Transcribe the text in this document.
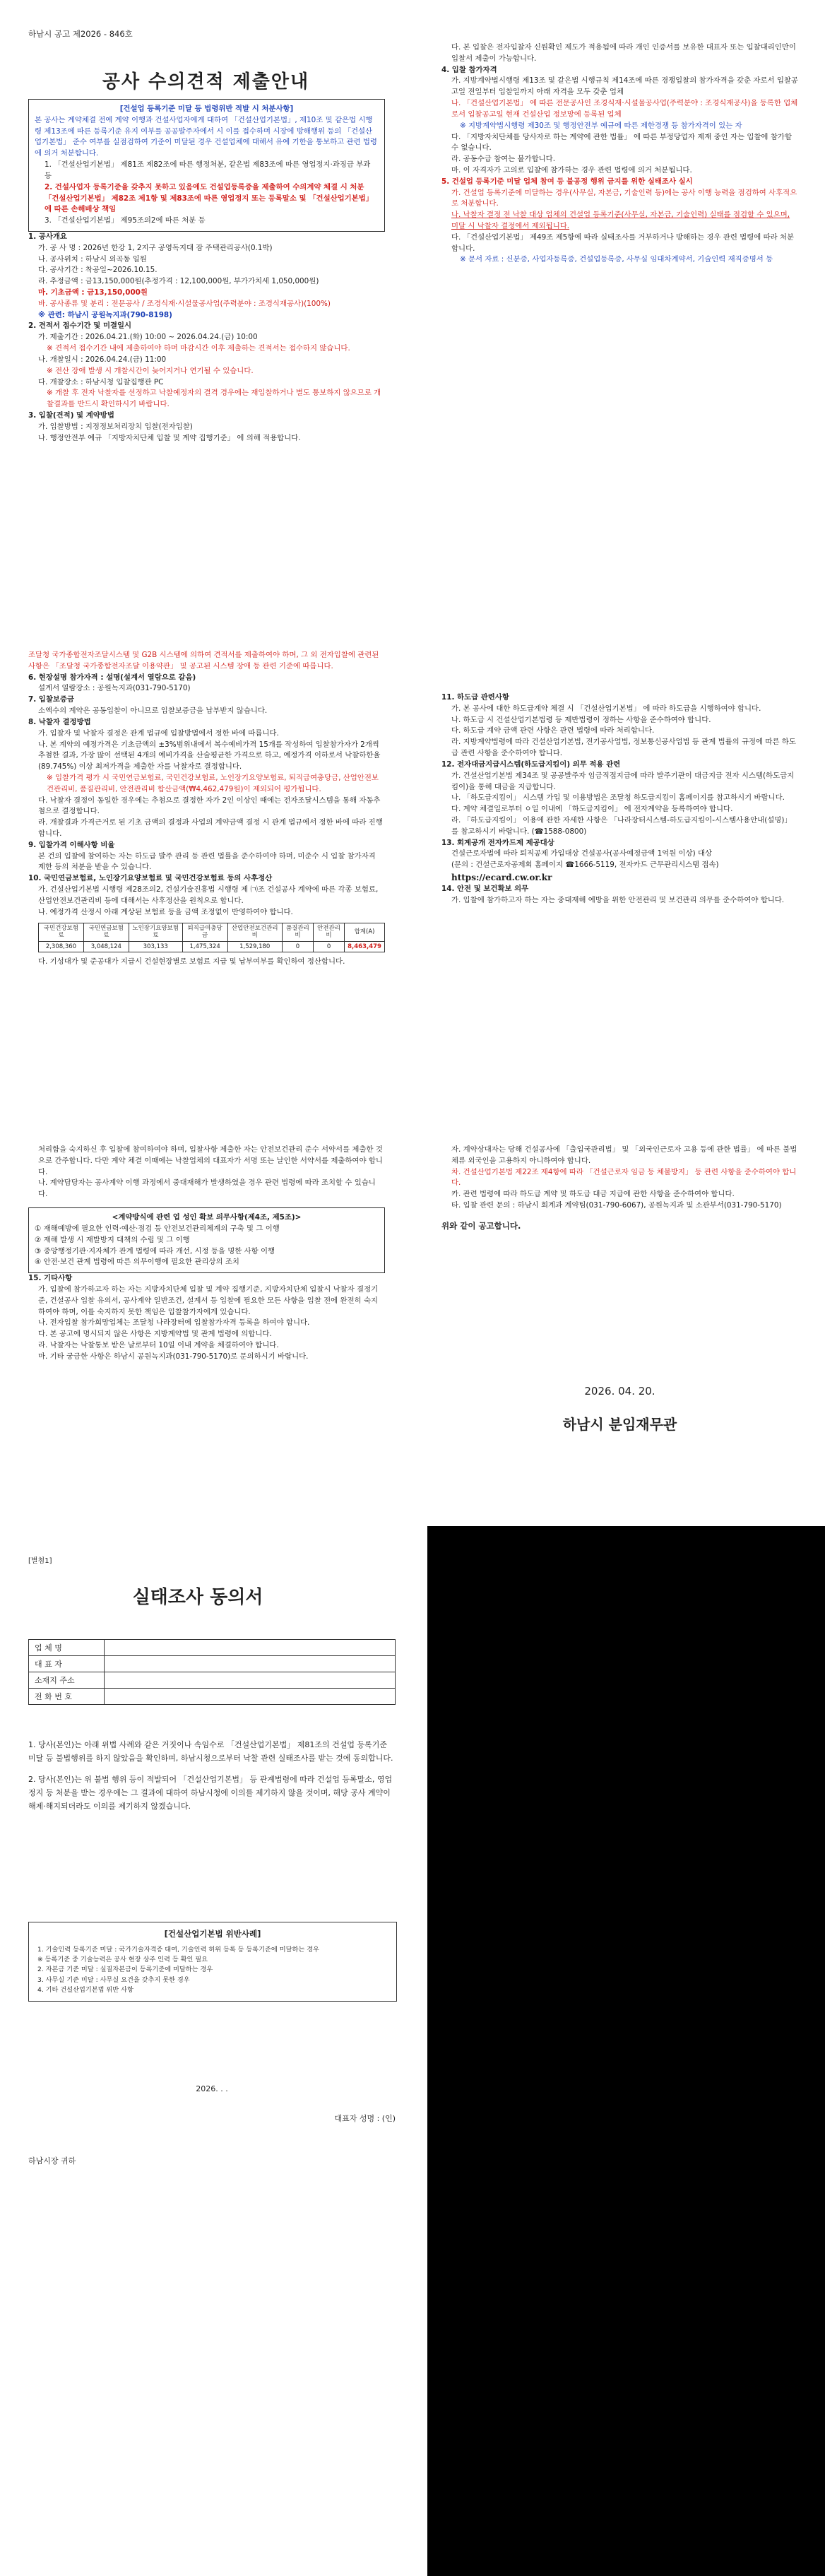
하남시 공고 제2026 - 846호
공사 수의견적 제출안내
[건설업 등록기준 미달 등 법령위반 적발 시 처분사항]
본 공사는 계약체결 전에 계약 이행과 건설사업자에게 대하여 「건설산업기본법」, 제10조 및 같은법 시행령 제13조에 따른 등록기준 유지 여부를 공공발주자에서 시 이를 접수하며 시장에 방해행위 등의 「건설산업기본법」 준수 여부를 실점검하여 기준이 미달된 경우 건설업체에 대해서 유예 기한을 통보하고 관련 법령에 의거 처분합니다.
1. 「건설산업기본법」 제81조 제82조에 따른 행정처분, 같은법 제83조에 따른 영업정지·과징금 부과 등
2. 건설사업자 등록기준을 갖추지 못하고 있음에도 건설업등록증을 제출하여 수의계약 체결 시 처분 「건설산업기본법」 제82조 제1항 및 제83조에 따른 영업정지 또는 등록말소 및 「건설산업기본법」 에 따른 손해배상 책임
3. 「건설산업기본법」 제95조의2에 따른 처분 등
1. 공사개요
가. 공 사 명 : 2026년 한강 1, 2지구 공영독지대 잠 주택관리공사(0.1박)
나. 공사위치 : 하남시 외곡동 일원
다. 공사기간 : 착공일~2026.10.15.
라. 추정금액 : 금13,150,000원(추정가격 : 12,100,000원, 부가가치세 1,050,000원)
마. 기초금액 : 금13,150,000원
바. 공사종류 및 분리 : 전문공사 / 조경식재·시설물공사업(주력분야 : 조경식재공사)(100%)
※ 관련: 하남시 공원녹지과(790-8198)
2. 견적서 접수기간 및 미결일시
가. 제출기간 : 2026.04.21.(화) 10:00 ~ 2026.04.24.(금) 10:00
※ 견적서 접수기간 내에 제출하여야 하며 마감시간 이후 제출하는 견적서는 접수하지 않습니다.
나. 개찰일시 : 2026.04.24.(금) 11:00
※ 전산 장애 발생 시 개찰시간이 늦어지거나 연기될 수 있습니다.
다. 개찰장소 : 하남시청 입찰집행관 PC
※ 개찰 후 전자 낙찰자를 선정하고 낙찰예정자의 결격 경우에는 재입찰하거나 별도 통보하지 않으므로 개찰결과를 반드시 확인하시기 바랍니다.
3. 입찰(견적) 및 계약방법
가. 입찰방법 : 지정정보처리장치 입찰(전자입찰)
나. 행정안전부 예규 「지방자치단체 입찰 및 계약 집행기준」 에 의해 적용합니다.
조달청 국가종합전자조달시스템 및 G2B 시스템에 의하여 견적서를 제출하여야 하며, 그 외 전자입찰에 관련된 사항은 「조달청 국가종합전자조달 이용약관」 및 공고된 시스템 장애 등 관련 기준에 따릅니다.
6. 현장설명 참가자격 : 설명(설계서 열람으로 갈음)
설계서 열람장소 : 공원녹지과(031-790-5170)
7. 입찰보증금
소액수의 계약은 공동입찰이 아니므로 입찰보증금을 납부받지 않습니다.
8. 낙찰자 결정방법
가. 입찰자 및 낙찰자 결정은 관계 법규에 입찰방법에서 정한 바에 따릅니다.
나. 본 계약의 예정가격은 기초금액의 ±3%범위내에서 복수예비가격 15개를 작성하여 입찰참가자가 2개씩 추첨한 결과, 가장 많이 선택된 4개의 예비가격을 산술평균한 가격으로 하고, 예정가격 이하로서 낙찰하한율(89.745%) 이상 최저가격을 제출한 자를 낙찰자로 결정합니다.
※ 입찰가격 평가 시 국민연금보험료, 국민건강보험료, 노인장기요양보험료, 퇴직급여충당금, 산업안전보건관리비, 품질관리비, 안전관리비 합산금액(₩4,462,479원)이 제외되어 평가됩니다.
다. 낙찰자 결정이 동일한 경우에는 추첨으로 결정한 자가 2인 이상인 때에는 전자조달시스템을 통해 자동추첨으로 결정합니다.
라. 개찰결과 가격근거로 된 기초 금액의 결정과 사업의 계약금액 결정 시 관계 법규에서 정한 바에 따라 진행합니다.
9. 입찰가격 이해사항 비율
본 건의 입찰에 참여하는 자는 하도급 발주 관리 등 관련 법률을 준수하여야 하며, 미준수 시 입찰 참가자격 제한 등의 처분을 받을 수 있습니다.
10. 국민연금보험료, 노인장기요양보험료 및 국민건강보험료 등의 사후정산
가. 건설산업기본법 시행령 제28조의2, 건설기술진흥법 시행령 제 ㈀조 건설공사 계약에 따른 각종 보험료, 산업안전보건관리비 등에 대해서는 사후정산을 원칙으로 합니다.
나. 예정가격 산정시 아래 계상된 보험료 등을 금액 조정없이 반영하여야 합니다.
국민건강보험료	국민연금보험료	노인장기요양보험료	퇴직급여충당금	산업안전보건관리비	품질관리비	안전관리비	합계(A)
2,308,360	3,048,124	303,133	1,475,324	1,529,180	0	0	8,463,479
다. 기성대가 및 준공대가 지급시 건설현장별로 보험료 지급 및 납부여부를 확인하여 정산합니다.
다. 본 입찰은 전자입찰자 신원확인 제도가 적용됨에 따라 개인 인증서를 보유한 대표자 또는 입찰대리인만이 입찰서 제출이 가능합니다.
4. 입찰 참가자격
가. 지방계약법시행령 제13조 및 같은법 시행규칙 제14조에 따른 경쟁입찰의 참가자격을 갖춘 자로서 입찰공고일 전일부터 입찰일까지 아래 자격을 모두 갖춘 업체
나. 「건설산업기본법」 에 따른 전문공사인 조경식재·시설물공사업(주력분야 : 조경식재공사)을 등록한 업체로서 입찰공고일 현재 건설산업 정보망에 등록된 업체
※ 지방계약법시행령 제30조 및 행정안전부 예규에 따른 제한경쟁 등 참가자격이 있는 자
다. 「지방자치단체를 당사자로 하는 계약에 관한 법률」 에 따른 부정당업자 제재 중인 자는 입찰에 참가할 수 없습니다.
라. 공동수급 참여는 불가합니다.
마. 이 자격자가 고의로 입찰에 참가하는 경우 관련 법령에 의거 처분됩니다.
5. 건설업 등록기준 미달 업체 참여 등 불공정 행위 금지를 위한 실태조사 실시
가. 건설업 등록기준에 미달하는 경우(사무실, 자본금, 기술인력 등)에는 공사 이행 능력을 점검하여 사후적으로 처분합니다.
나. 낙찰자 결정 전 낙찰 대상 업체의 건설업 등록기준(사무실, 자본금, 기술인력) 실태를 점검할 수 있으며, 미달 시 낙찰자 결정에서 제외됩니다.
다. 「건설산업기본법」 제49조 제5항에 따라 실태조사를 거부하거나 방해하는 경우 관련 법령에 따라 처분합니다.
※ 문서 자료 : 신분증, 사업자등록증, 건설업등록증, 사무실 임대차계약서, 기술인력 재직증명서 등
11. 하도급 관련사항
가. 본 공사에 대한 하도급계약 체결 시 「건설산업기본법」 에 따라 하도급을 시행하여야 합니다.
나. 하도급 시 건설산업기본법령 등 제반법령이 정하는 사항을 준수하여야 합니다.
다. 하도급 계약 금액 관련 사항은 관련 법령에 따라 처리합니다.
라. 지방계약법령에 따라 건설산업기본법, 전기공사업법, 정보통신공사업법 등 관계 법률의 규정에 따른 하도급 관련 사항을 준수하여야 합니다.
12. 전자대금지급시스템(하도급지킴이) 의무 적용 관련
가. 건설산업기본법 제34조 및 공공발주자 임금직접지급에 따라 발주기관이 대금지급 전자 시스템(하도급지킴이)을 통해 대금을 지급합니다.
나. 「하도급지킴이」 시스템 가입 및 이용방법은 조달청 하도급지킴이 홈페이지를 참고하시기 바랍니다.
다. 계약 체결일로부터 ㅇ일 이내에 「하도급지킴이」 에 전자계약을 등록하여야 합니다.
라. 「하도급지킴이」 이용에 관한 자세한 사항은 「나라장터시스템-하도급지킴이-시스템사용안내(설명)」 를 참고하시기 바랍니다. (☎1588-0800)
13. 회계공개 전자카드제 제공대상
건설근로자법에 따라 퇴직공제 가입대상 건설공사(공사예정금액 1억원 이상) 대상
(문의 : 건설근로자공제회 홈페이지 ☎1666-5119, 전자카드 근무관리시스템 접속)
https://ecard.cw.or.kr
14. 안전 및 보건확보 의무
가. 입찰에 참가하고자 하는 자는 중대재해 예방을 위한 안전관리 및 보건관리 의무를 준수하여야 합니다.
처리함을 숙지하신 후 입찰에 참여하여야 하며, 입찰사항 제출한 자는 안전보건관리 준수 서약서를 제출한 것으로 간주합니다. 다만 계약 체결 이때에는 낙찰업체의 대표자가 서명 또는 날인한 서약서를 제출하여야 합니다.
나. 계약담당자는 공사계약 이행 과정에서 중대재해가 발생하였을 경우 관련 법령에 따라 조치할 수 있습니다.
<계약방식에 관련 업 성인 확보 의무사항(제4조, 제5조)>
① 재해예방에 필요한 인력·예산·점검 등 안전보건관리체계의 구축 및 그 이행
② 재해 발생 시 재발방지 대책의 수립 및 그 이행
③ 중앙행정기관·지자체가 관계 법령에 따라 개선, 시정 등을 명한 사항 이행
④ 안전·보건 관계 법령에 따른 의무이행에 필요한 관리상의 조치
15. 기타사항
가. 입찰에 참가하고자 하는 자는 지방자치단체 입찰 및 계약 집행기준, 지방자치단체 입찰시 낙찰자 결정기준, 건설공사 입찰 유의서, 공사계약 일반조건, 설계서 등 입찰에 필요한 모든 사항을 입찰 전에 완전히 숙지하여야 하며, 이를 숙지하지 못한 책임은 입찰참가자에게 있습니다.
나. 전자입찰 참가희망업체는 조달청 나라장터에 입찰참가자격 등록을 하여야 합니다.
다. 본 공고에 명시되지 않은 사항은 지방계약법 및 관계 법령에 의합니다.
라. 낙찰자는 낙찰통보 받은 날로부터 10일 이내 계약을 체결하여야 합니다.
마. 기타 궁금한 사항은 하남시 공원녹지과(031-790-5170)로 문의하시기 바랍니다.
자. 계약상대자는 당해 건설공사에 「출입국관리법」 및 「외국인근로자 고용 등에 관한 법률」 에 따른 불법체류 외국인을 고용하지 아니하여야 합니다.
차. 건설산업기본법 제22조 제4항에 따라 「건설근로자 임금 등 체불방지」 등 관련 사항을 준수하여야 합니다.
카. 관련 법령에 따라 하도급 계약 및 하도급 대금 지급에 관한 사항을 준수하여야 합니다.
타. 입찰 관련 문의 : 하남시 회계과 계약팀(031-790-6067), 공원녹지과 및 소관부서(031-790-5170)
위와 같이 공고합니다.
2026. 04. 20.
하남시 분임재무관
[별첨1]
실태조사 동의서
업 체 명	
대 표 자	
소재지 주소	
전 화 번 호	

1. 당사(본인)는 아래 위법 사례와 같은 거짓이나 속임수로 「건설산업기본법」 제81조의 건설업 등록기준 미달 등 불법행위를 하지 않았음을 확인하며, 하남시청으로부터 낙찰 관련 실태조사를 받는 것에 동의합니다.

2. 당사(본인)는 위 불법 행위 등이 적발되어 「건설산업기본법」 등 관계법령에 따라 건설업 등록말소, 영업정지 등 처분을 받는 경우에는 그 결과에 대하여 하남시청에 이의를 제기하지 않을 것이며, 해당 공사 계약이 해제·해지되더라도 이의를 제기하지 않겠습니다.

[건설산업기본법 위반사례]
1. 기술인력 등록기준 미달 : 국가기술자격증 대여, 기술인력 허위 등록 등 등록기준에 미달하는 경우
※ 등록기준 중 기술능력은 공사 현장 상주 인력 등 확인 필요
2. 자본금 기준 미달 : 실질자본금이 등록기준에 미달하는 경우
3. 사무실 기준 미달 : 사무실 요건을 갖추지 못한 경우
4. 기타 건설산업기본법 위반 사항
2026. . .
대표자 성명 : (인)
하남시장 귀하
